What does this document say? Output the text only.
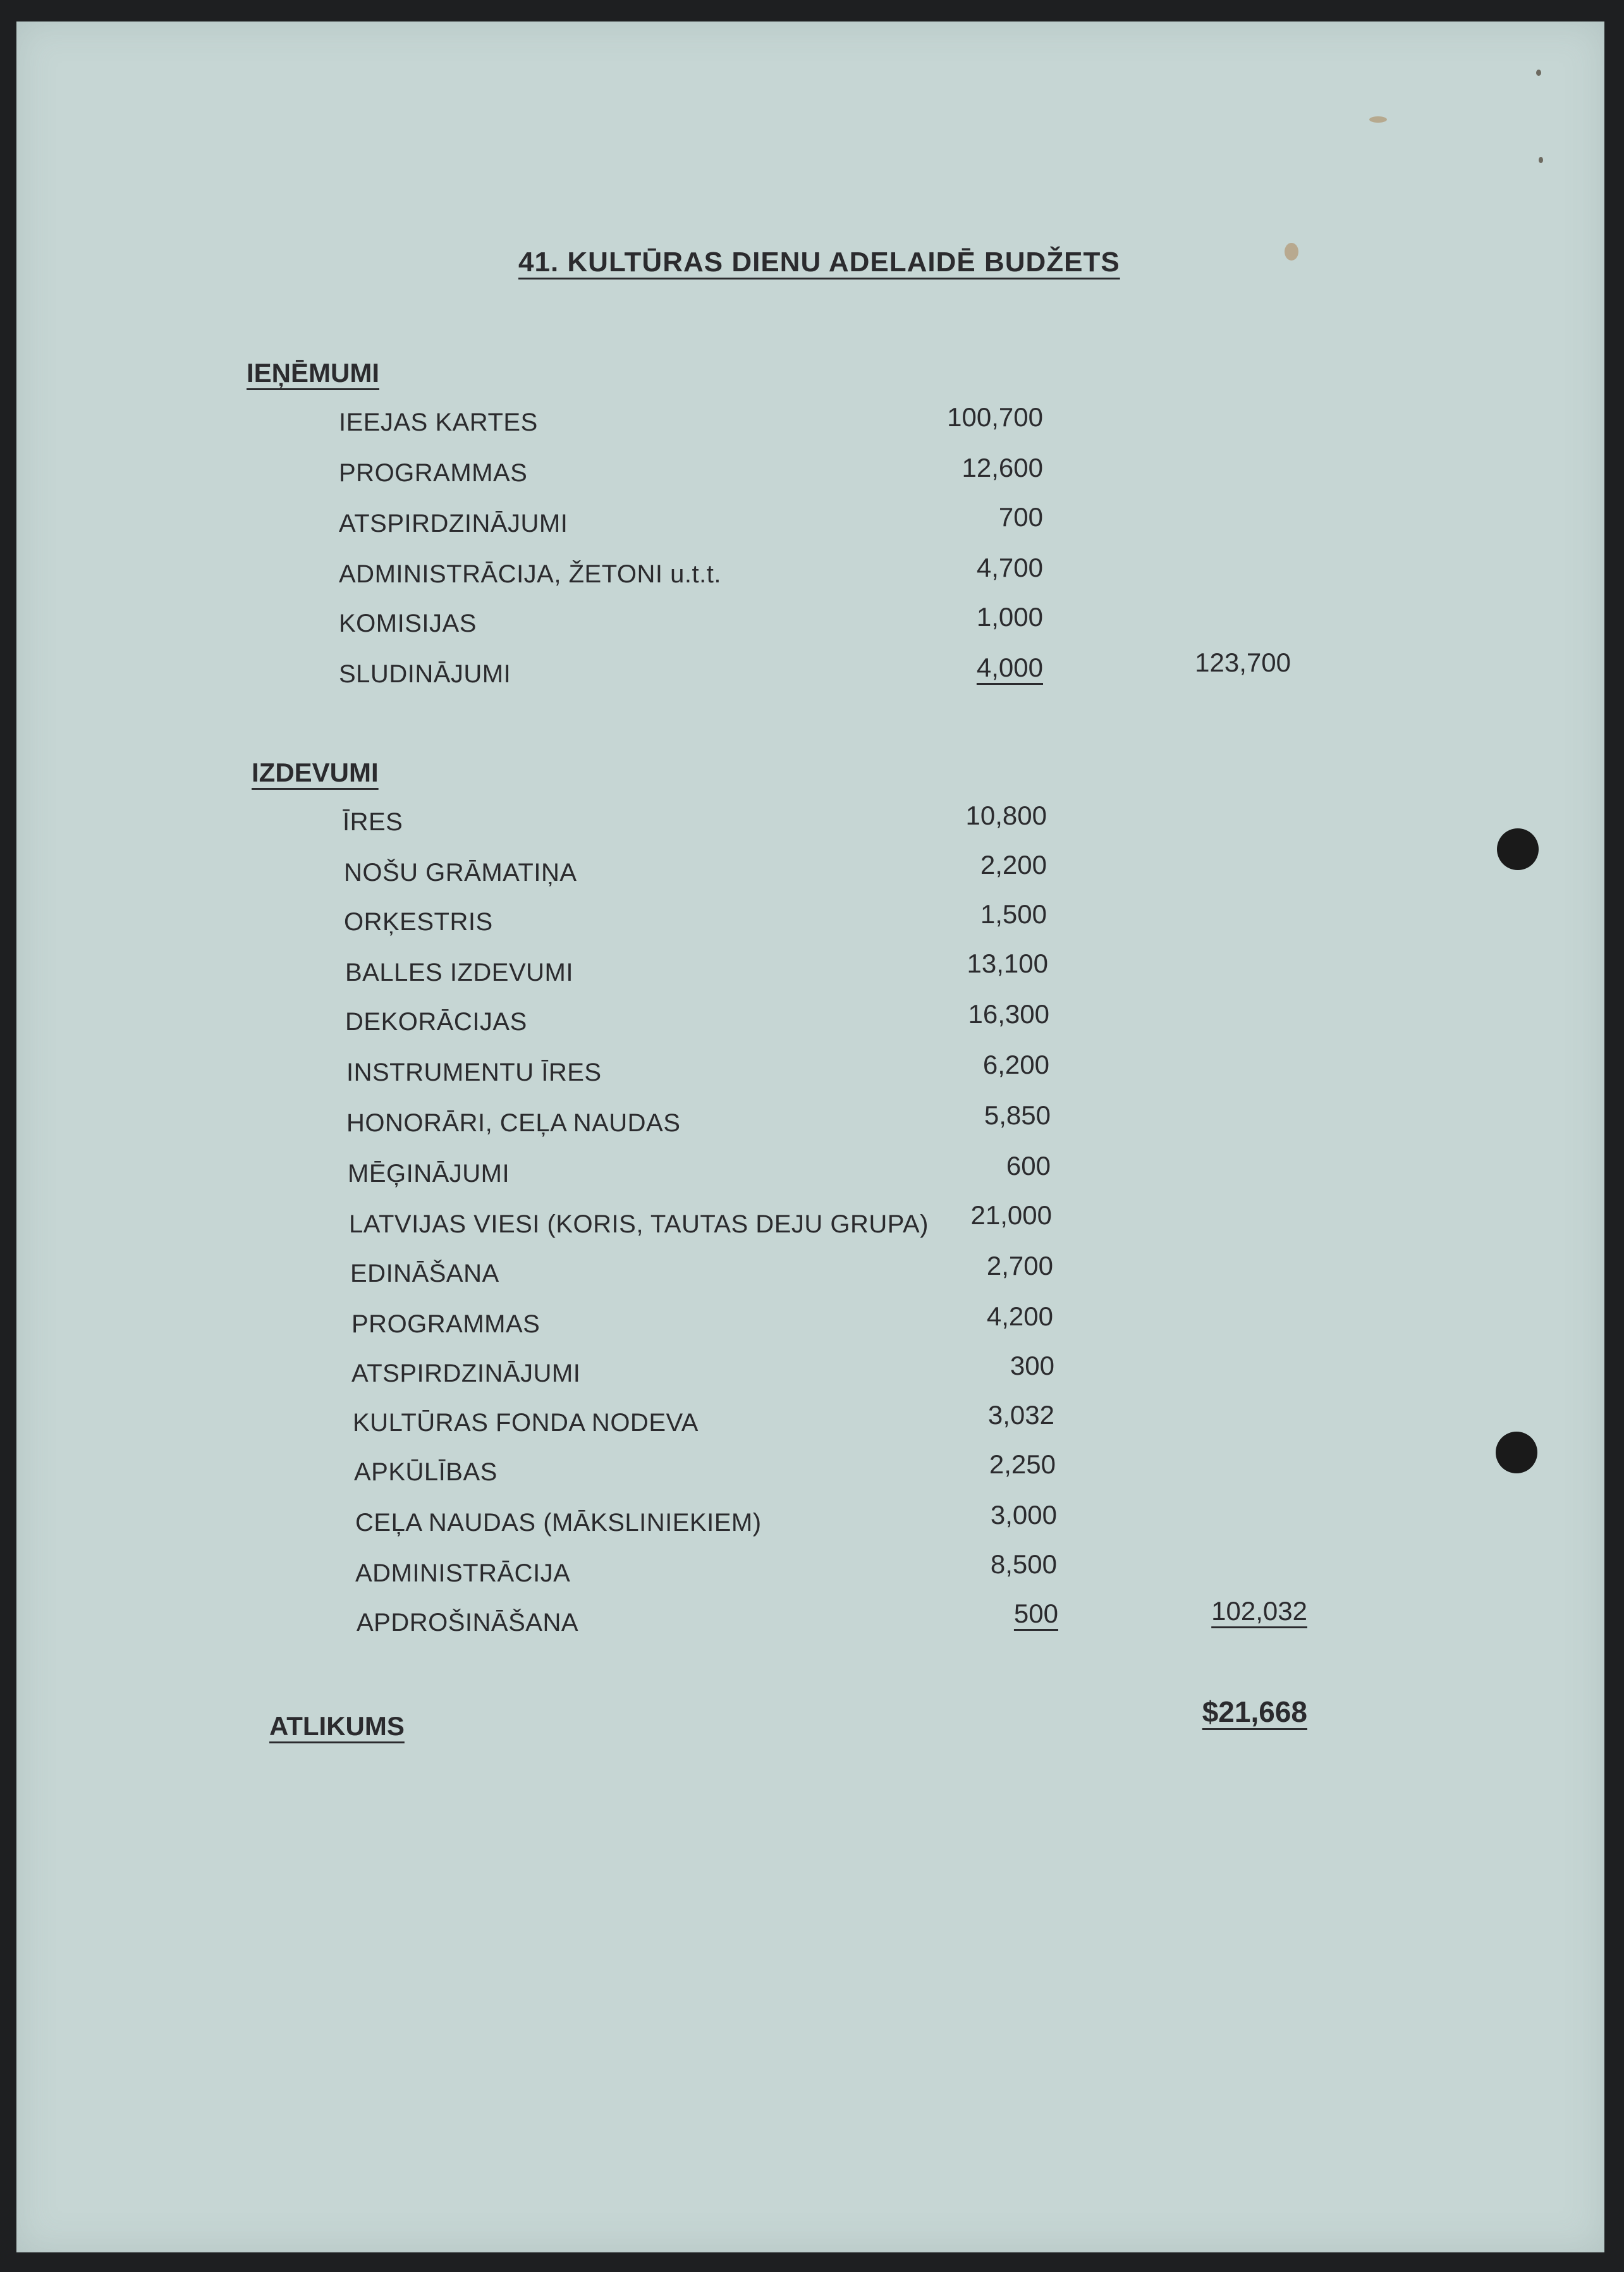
41. KULTŪRAS DIENU ADELAIDĒ BUDŽETS
IEŅĒMUMI
IEEJAS KARTES	100,700
PROGRAMMAS	12,600
ATSPIRDZINĀJUMI	700
ADMINISTRĀCIJA, ŽETONI u.t.t.	4,700
KOMISIJAS	1,000
SLUDINĀJUMI	4,000	123,700
IZDEVUMI
ĪRES	10,800
NOŠU GRĀMATIŅA	2,200
ORĶESTRIS	1,500
BALLES IZDEVUMI	13,100
DEKORĀCIJAS	16,300
INSTRUMENTU ĪRES	6,200
HONORĀRI, CEĻA NAUDAS	5,850
MĒĢINĀJUMI	600
LATVIJAS VIESI (KORIS, TAUTAS DEJU GRUPA)	21,000
EDINĀŠANA	2,700
PROGRAMMAS	4,200
ATSPIRDZINĀJUMI	300
KULTŪRAS FONDA NODEVA	3,032
APKŪLĪBAS	2,250
CEĻA NAUDAS (MĀKSLINIEKIEM)	3,000
ADMINISTRĀCIJA	8,500
APDROŠINĀŠANA	500	102,032
ATLIKUMS	$21,668
